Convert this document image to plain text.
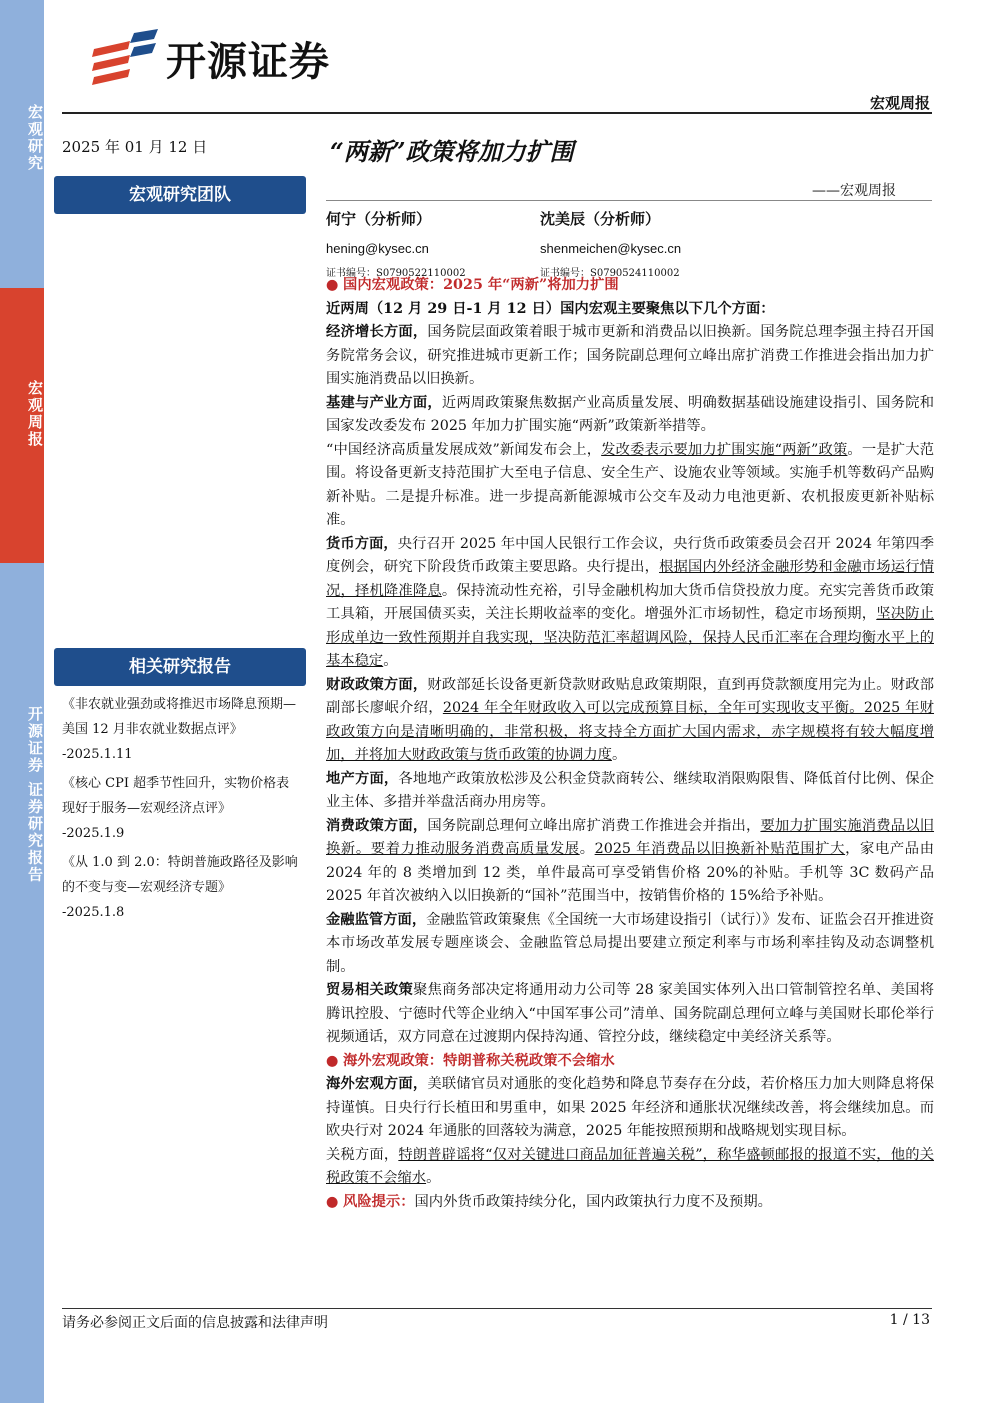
宏观研究
宏观周报
开源证券 证券研究报告
开源证券
宏观周报
2025 年 01 月 12 日	“两新”政策将加力扩围
——宏观周报
宏观研究团队
何宁（分析师）
hening@kysec.cn
证书编号：S0790522110002
沈美辰（分析师）
shenmeichen@kysec.cn
证书编号：S0790524110002
相关研究报告
《非农就业强劲或将推迟市场降息预期—美国 12 月非农就业数据点评》
-2025.1.11
《核心 CPI 超季节性回升，实物价格表现好于服务—宏观经济点评》
-2025.1.9
《从 1.0 到 2.0：特朗普施政路径及影响的不变与变—宏观经济专题》
-2025.1.8

● 国内宏观政策：2025 年“两新”将加力扩围

近两周（12 月 29 日-1 月 12 日）国内宏观主要聚焦以下几个方面：

经济增长方面，国务院层面政策着眼于城市更新和消费品以旧换新。国务院总理李强主持召开国务院常务会议，研究推进城市更新工作；国务院副总理何立峰出席扩消费工作推进会指出加力扩围实施消费品以旧换新。

基建与产业方面，近两周政策聚焦数据产业高质量发展、明确数据基础设施建设指引、国务院和国家发改委发布 2025 年加力扩围实施“两新”政策新举措等。

“中国经济高质量发展成效”新闻发布会上，发改委表示要加力扩围实施“两新”政策。一是扩大范围。将设备更新支持范围扩大至电子信息、安全生产、设施农业等领域。实施手机等数码产品购新补贴。二是提升标准。进一步提高新能源城市公交车及动力电池更新、农机报废更新补贴标准。

货币方面，央行召开 2025 年中国人民银行工作会议，央行货币政策委员会召开 2024 年第四季度例会，研究下阶段货币政策主要思路。央行提出，根据国内外经济金融形势和金融市场运行情况，择机降准降息。保持流动性充裕，引导金融机构加大货币信贷投放力度。充实完善货币政策工具箱，开展国债买卖，关注长期收益率的变化。增强外汇市场韧性，稳定市场预期，坚决防止形成单边一致性预期并自我实现，坚决防范汇率超调风险，保持人民币汇率在合理均衡水平上的基本稳定。

财政政策方面，财政部延长设备更新贷款财政贴息政策期限，直到再贷款额度用完为止。财政部副部长廖岷介绍，2024 年全年财政收入可以完成预算目标，全年可实现收支平衡。2025 年财政政策方向是清晰明确的，非常积极，将支持全方面扩大国内需求，赤字规模将有较大幅度增加，并将加大财政政策与货币政策的协调力度。

地产方面，各地地产政策放松涉及公积金贷款商转公、继续取消限购限售、降低首付比例、保企业主体、多措并举盘活商办用房等。

消费政策方面，国务院副总理何立峰出席扩消费工作推进会并指出，要加力扩围实施消费品以旧换新。要着力推动服务消费高质量发展。2025 年消费品以旧换新补贴范围扩大，家电产品由 2024 年的 8 类增加到 12 类，单件最高可享受销售价格 20%的补贴。手机等 3C 数码产品 2025 年首次被纳入以旧换新的“国补”范围当中，按销售价格的 15%给予补贴。

金融监管方面，金融监管政策聚焦《全国统一大市场建设指引（试行）》发布、证监会召开推进资本市场改革发展专题座谈会、金融监管总局提出要建立预定利率与市场利率挂钩及动态调整机制。

贸易相关政策聚焦商务部决定将通用动力公司等 28 家美国实体列入出口管制管控名单、美国将腾讯控股、宁德时代等企业纳入“中国军事公司”清单、国务院副总理何立峰与美国财长耶伦举行视频通话，双方同意在过渡期内保持沟通、管控分歧，继续稳定中美经济关系等。

● 海外宏观政策：特朗普称关税政策不会缩水

海外宏观方面，美联储官员对通胀的变化趋势和降息节奏存在分歧，若价格压力加大则降息将保持谨慎。日央行行长植田和男重申，如果 2025 年经济和通胀状况继续改善，将会继续加息。而欧央行对 2024 年通胀的回落较为满意，2025 年能按照预期和战略规划实现目标。

关税方面，特朗普辟谣将“仅对关键进口商品加征普遍关税”，称华盛顿邮报的报道不实，他的关税政策不会缩水。

● 风险提示：国内外货币政策持续分化，国内政策执行力度不及预期。

请务必参阅正文后面的信息披露和法律声明	1 / 13
